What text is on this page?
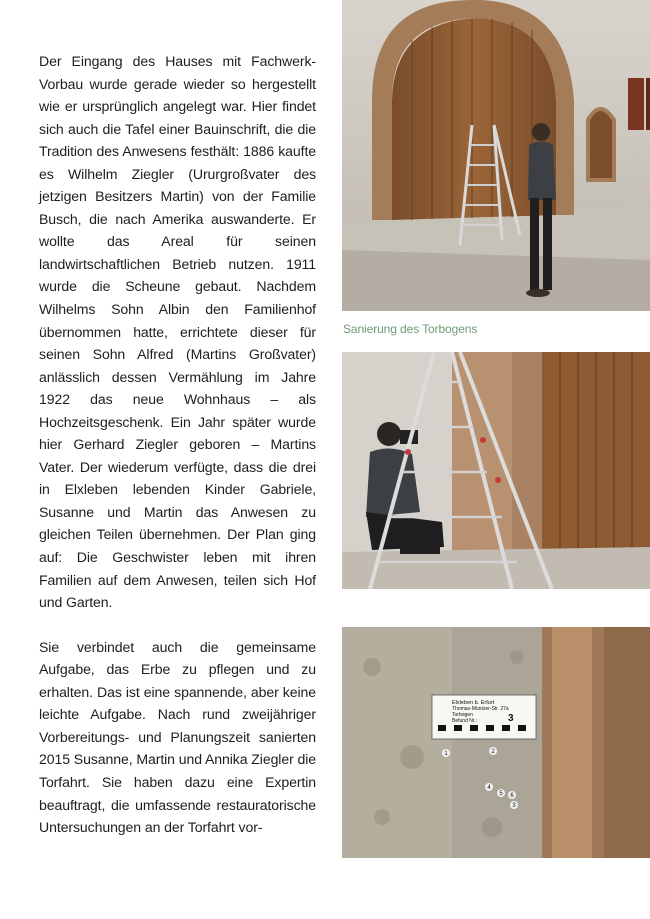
Der Eingang des Hauses mit Fachwerk-Vorbau wurde gerade wieder so hergestellt wie er ursprünglich angelegt war. Hier findet sich auch die Tafel einer Bauinschrift, die die Tradition des Anwesens festhält: 1886 kaufte es Wilhelm Ziegler (Ururgroßvater des jetzigen Besitzers Martin) von der Familie Busch, die nach Amerika auswanderte. Er wollte das Areal für seinen landwirtschaftlichen Betrieb nutzen. 1911 wurde die Scheune gebaut. Nachdem Wilhelms Sohn Albin den Familienhof übernommen hatte, errichtete dieser für seinen Sohn Alfred (Martins Großvater) anlässlich dessen Vermählung im Jahre 1922 das neue Wohnhaus – als Hochzeitsgeschenk. Ein Jahr später wurde hier Gerhard Ziegler geboren – Martins Vater. Der wiederum verfügte, dass die drei in Elxleben lebenden Kinder Gabriele, Susanne und Martin das Anwesen zu gleichen Teilen übernehmen. Der Plan ging auf: Die Geschwister leben mit ihren Familien auf dem Anwesen, teilen sich Hof und Garten.

Sie verbindet auch die gemeinsame Aufgabe, das Erbe zu pflegen und zu erhalten. Das ist eine spannende, aber keine leichte Aufgabe. Nach rund zweijähriger Vorbereitungs- und Planungszeit sanierten 2015 Susanne, Martin und Annika Ziegler die Torfahrt. Sie haben dazu eine Expertin beauftragt, die umfassende restauratorische Untersuchungen an der Torfahrt vor-

Sanierung des Torbogens
Elxleben b. Erfurt
Thomas-Müntzer-Str. 27a
Torbogen
Befund Nr.:	3
1	2
4
5 6
3
